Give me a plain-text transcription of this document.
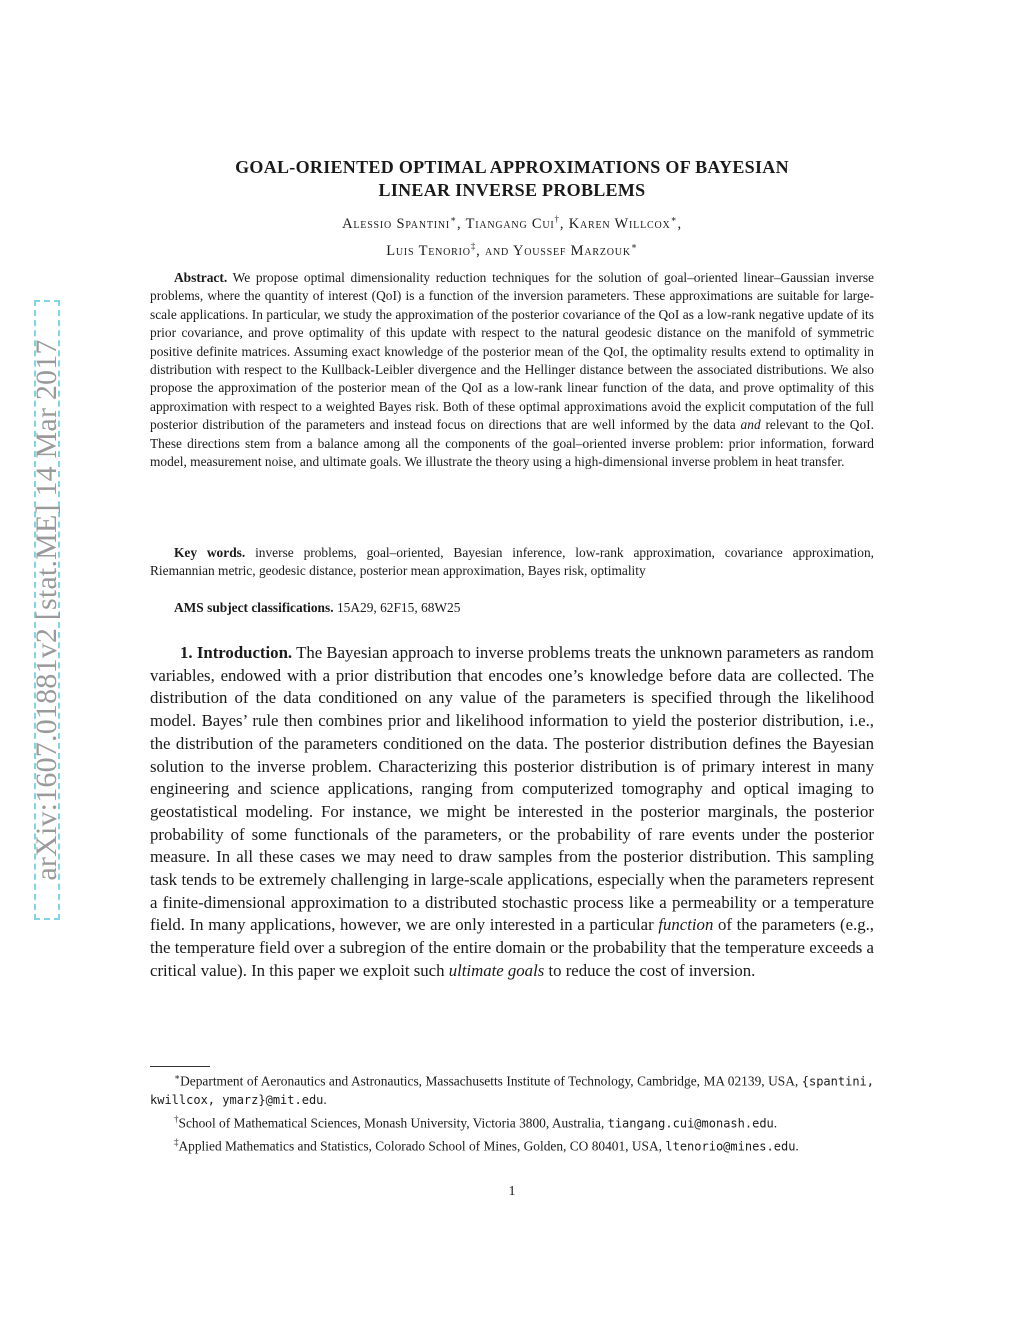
arXiv:1607.01881v2 [stat.ME] 14 Mar 2017
GOAL-ORIENTED OPTIMAL APPROXIMATIONS OF BAYESIAN
LINEAR INVERSE PROBLEMS
Alessio Spantini∗, Tiangang Cui†, Karen Willcox∗,
Luis Tenorio‡, and Youssef Marzouk∗
Abstract. We propose optimal dimensionality reduction techniques for the solution of goal–oriented linear–Gaussian inverse problems, where the quantity of interest (QoI) is a function of the inversion parameters. These approximations are suitable for large-scale applications. In particular, we study the approximation of the posterior covariance of the QoI as a low-rank negative update of its prior covariance, and prove optimality of this update with respect to the natural geodesic distance on the manifold of symmetric positive definite matrices. Assuming exact knowledge of the posterior mean of the QoI, the optimality results extend to optimality in distribution with respect to the Kullback-Leibler divergence and the Hellinger distance between the associated distributions. We also propose the approximation of the posterior mean of the QoI as a low-rank linear function of the data, and prove optimality of this approximation with respect to a weighted Bayes risk. Both of these optimal approximations avoid the explicit computation of the full posterior distribution of the parameters and instead focus on directions that are well informed by the data and relevant to the QoI. These directions stem from a balance among all the components of the goal–oriented inverse problem: prior information, forward model, measurement noise, and ultimate goals. We illustrate the theory using a high-dimensional inverse problem in heat transfer.
Key words. inverse problems, goal–oriented, Bayesian inference, low-rank approximation, covariance approximation, Riemannian metric, geodesic distance, posterior mean approximation, Bayes risk, optimality
AMS subject classifications. 15A29, 62F15, 68W25
1. Introduction. The Bayesian approach to inverse problems treats the unknown parameters as random variables, endowed with a prior distribution that encodes one’s knowledge before data are collected. The distribution of the data conditioned on any value of the parameters is specified through the likelihood model. Bayes’ rule then combines prior and likelihood information to yield the posterior distribution, i.e., the distribution of the parameters conditioned on the data. The posterior distribution defines the Bayesian solution to the inverse problem. Characterizing this posterior distribution is of primary interest in many engineering and science applications, ranging from computerized tomography and optical imaging to geostatistical modeling. For instance, we might be interested in the posterior marginals, the posterior probability of some functionals of the parameters, or the probability of rare events under the posterior measure. In all these cases we may need to draw samples from the posterior distribution. This sampling task tends to be extremely challenging in large-scale applications, especially when the parameters represent a finite-dimensional approximation to a distributed stochastic process like a permeability or a temperature field. In many applications, however, we are only interested in a particular function of the parameters (e.g., the temperature field over a subregion of the entire domain or the probability that the temperature exceeds a critical value). In this paper we exploit such ultimate goals to reduce the cost of inversion.

∗Department of Aeronautics and Astronautics, Massachusetts Institute of Technology, Cambridge, MA 02139, USA, {spantini, kwillcox, ymarz}@mit.edu.

†School of Mathematical Sciences, Monash University, Victoria 3800, Australia, tiangang.cui@monash.edu.

‡Applied Mathematics and Statistics, Colorado School of Mines, Golden, CO 80401, USA, ltenorio@mines.edu.

1
